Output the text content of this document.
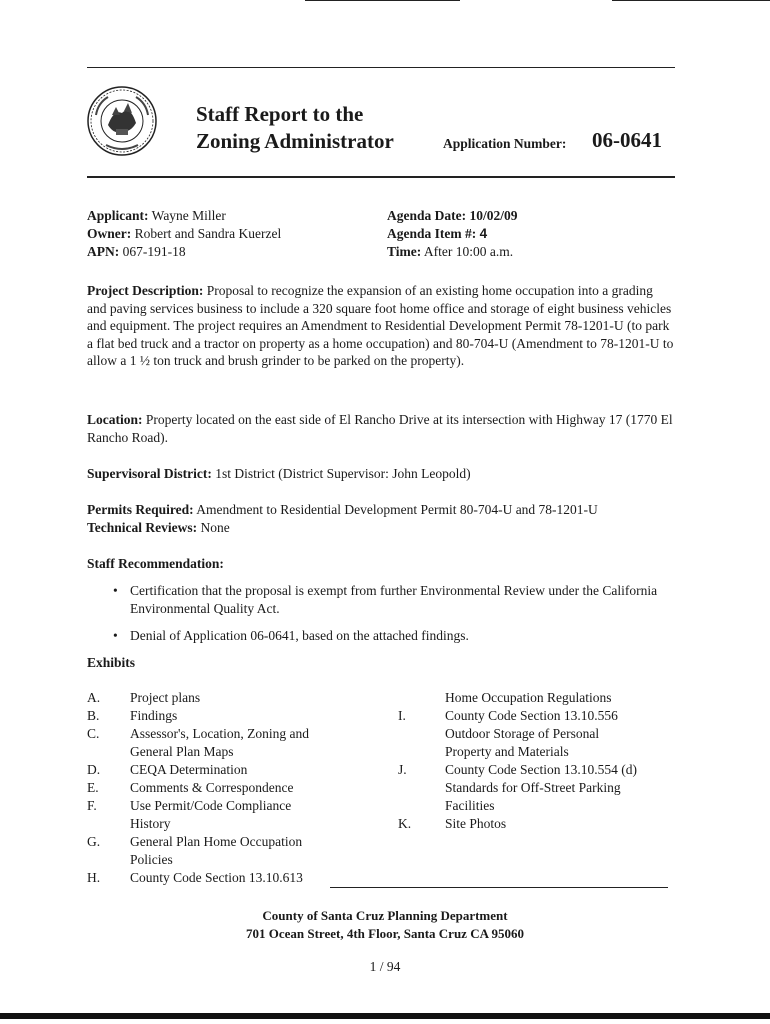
Staff Report to the
Zoning Administrator	Application Number: 06-0641
Applicant: Wayne Miller
Owner: Robert and Sandra Kuerzel
APN: 067-191-18
Agenda Date: 10/02/09
Agenda Item #: 4
Time: After 10:00 a.m.
Project Description: Proposal to recognize the expansion of an existing home occupation into a grading and paving services business to include a 320 square foot home office and storage of eight business vehicles and equipment. The project requires an Amendment to Residential Development Permit 78-1201-U (to park a flat bed truck and a tractor on property as a home occupation) and 80-704-U (Amendment to 78-1201-U to allow a 1 ½ ton truck and brush grinder to be parked on the property).
Location: Property located on the east side of El Rancho Drive at its intersection with Highway 17 (1770 El Rancho Road).
Supervisoral District: 1st District (District Supervisor: John Leopold)
Permits Required: Amendment to Residential Development Permit 80-704-U and 78-1201-U
Technical Reviews: None
Staff Recommendation:
• Certification that the proposal is exempt from further Environmental Review under the California Environmental Quality Act.
• Denial of Application 06-0641, based on the attached findings.
Exhibits
A. Project plans
B. Findings
C. Assessor's, Location, Zoning and
General Plan Maps
D. CEQA Determination
E. Comments & Correspondence
F. Use Permit/Code Compliance
History
G. General Plan Home Occupation
Policies
H. County Code Section 13.10.613
Home Occupation Regulations
I.	County Code Section 13.10.556
Outdoor Storage of Personal
Property and Materials
J.	County Code Section 13.10.554 (d)
Standards for Off-Street Parking
Facilities
K.	Site Photos
County of Santa Cruz Planning Department
701 Ocean Street, 4th Floor, Santa Cruz CA 95060
1 / 94
